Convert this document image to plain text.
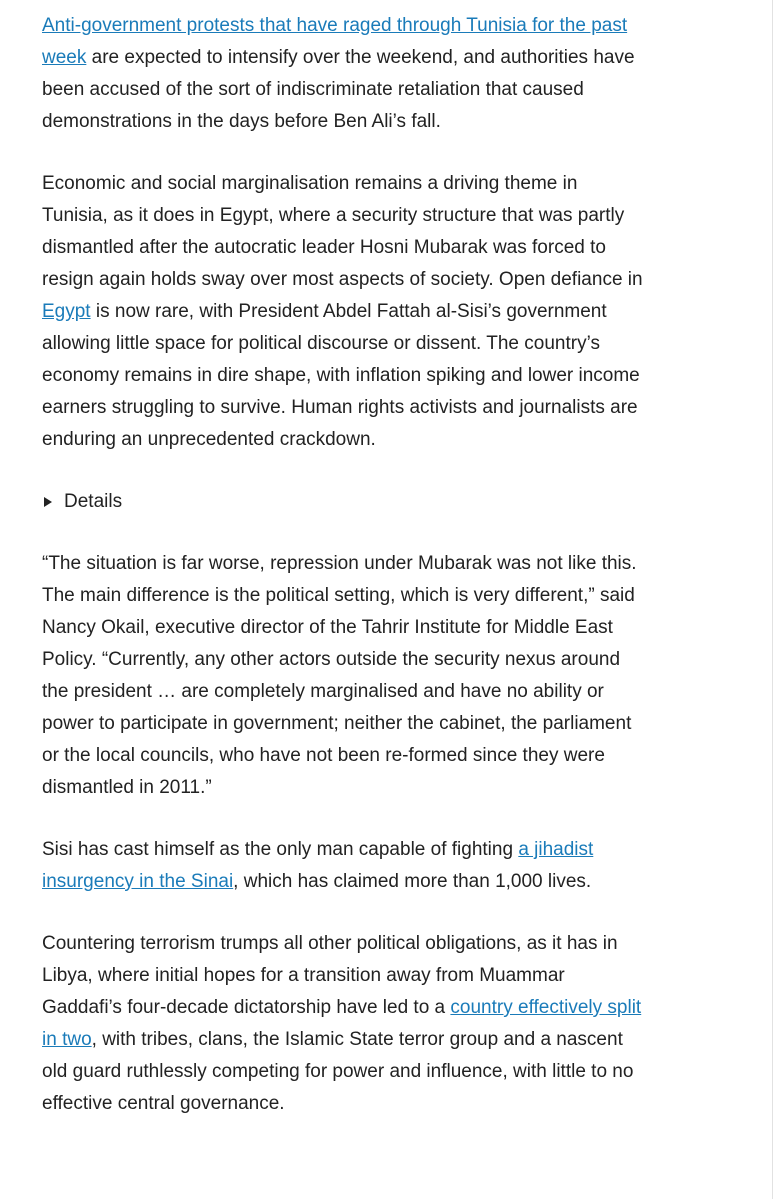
Anti-government protests that have raged through Tunisia for the past week are expected to intensify over the weekend, and authorities have been accused of the sort of indiscriminate retaliation that caused demonstrations in the days before Ben Ali’s fall.

Economic and social marginalisation remains a driving theme in Tunisia, as it does in Egypt, where a security structure that was partly dismantled after the autocratic leader Hosni Mubarak was forced to resign again holds sway over most aspects of society. Open defiance in Egypt is now rare, with President Abdel Fattah al-Sisi’s government allowing little space for political discourse or dissent. The country’s economy remains in dire shape, with inflation spiking and lower income earners struggling to survive. Human rights activists and journalists are enduring an unprecedented crackdown.

Details

“The situation is far worse, repression under Mubarak was not like this. The main difference is the political setting, which is very different,” said Nancy Okail, executive director of the Tahrir Institute for Middle East Policy. “Currently, any other actors outside the security nexus around the president … are completely marginalised and have no ability or power to participate in government; neither the cabinet, the parliament or the local councils, who have not been re-formed since they were dismantled in 2011.”

Sisi has cast himself as the only man capable of fighting a jihadist insurgency in the Sinai, which has claimed more than 1,000 lives.

Countering terrorism trumps all other political obligations, as it has in Libya, where initial hopes for a transition away from Muammar Gaddafi’s four-decade dictatorship have led to a country effectively split in two, with tribes, clans, the Islamic State terror group and a nascent old guard ruthlessly competing for power and influence, with little to no effective central governance.
